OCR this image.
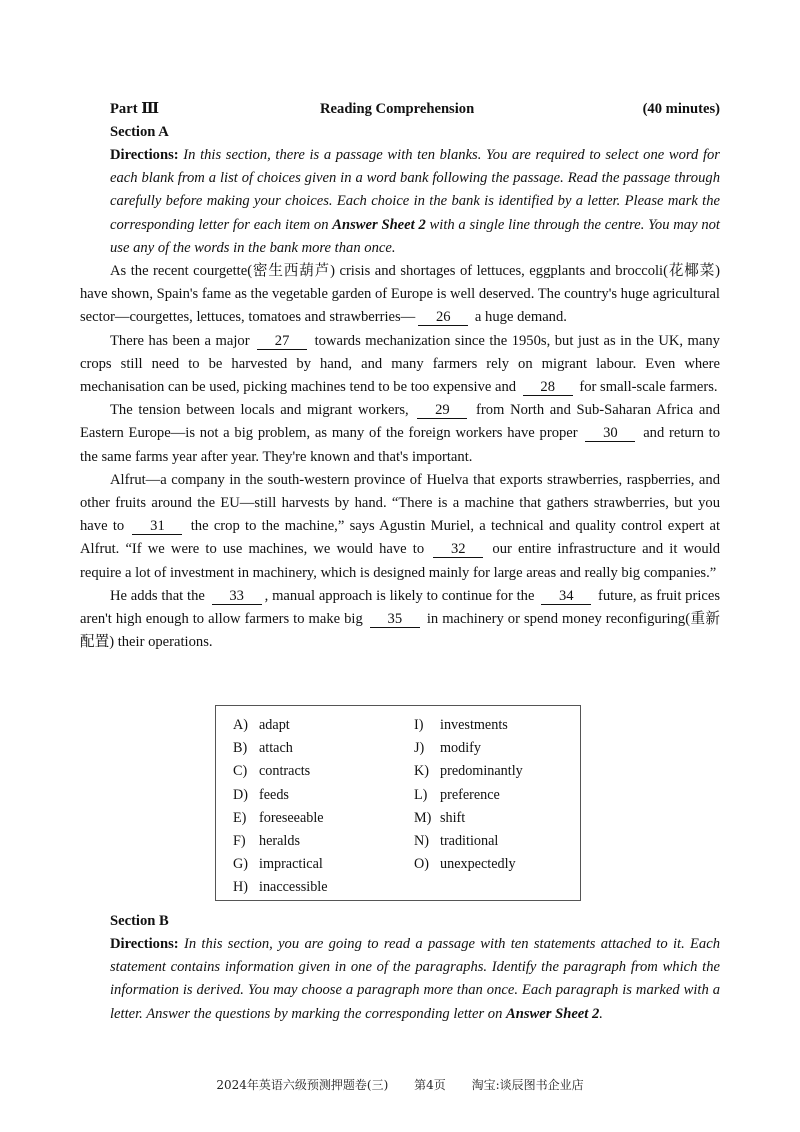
Part Ⅲ	Reading Comprehension	(40 minutes)
Section A
Directions: In this section, there is a passage with ten blanks. You are required to select one word for each blank from a list of choices given in a word bank following the passage. Read the passage through carefully before making your choices. Each choice in the bank is identified by a letter. Please mark the corresponding letter for each item on Answer Sheet 2 with a single line through the centre. You may not use any of the words in the bank more than once.

As the recent courgette(密生西葫芦) crisis and shortages of lettuces, eggplants and broccoli(花椰菜) have shown, Spain's fame as the vegetable garden of Europe is well deserved. The country's huge agricultural sector—courgettes, lettuces, tomatoes and strawberries— 26 a huge demand.

There has been a major 27 towards mechanization since the 1950s, but just as in the UK, many crops still need to be harvested by hand, and many farmers rely on migrant labour. Even where mechanisation can be used, picking machines tend to be too expensive and 28 for small-scale farmers.

The tension between locals and migrant workers, 29 from North and Sub-Saharan Africa and Eastern Europe—is not a big problem, as many of the foreign workers have proper 30 and return to the same farms year after year. They're known and that's important.

Alfrut—a company in the south-western province of Huelva that exports strawberries, raspberries, and other fruits around the EU—still harvests by hand. “There is a machine that gathers strawberries, but you have to 31 the crop to the machine,” says Agustin Muriel, a technical and quality control expert at Alfrut. “If we were to use machines, we would have to 32 our entire infrastructure and it would require a lot of investment in machinery, which is designed mainly for large areas and really big companies.”

He adds that the 33 , manual approach is likely to continue for the 34 future, as fruit prices aren't high enough to allow farmers to make big 35 in machinery or spend money reconfiguring(重新配置) their operations.

A) adapt
B) attach
C) contracts
D) feeds
E) foreseeable
F) heralds
G) impractical
H) inaccessible
I) investments
J) modify
K) predominantly
L) preference
M) shift
N) traditional
O) unexpectedly
Section B
Directions: In this section, you are going to read a passage with ten statements attached to it. Each statement contains information given in one of the paragraphs. Identify the paragraph from which the information is derived. You may choose a paragraph more than once. Each paragraph is marked with a letter. Answer the questions by marking the corresponding letter on Answer Sheet 2.
2024年英语六级预测押题卷(三) 第4页 淘宝:谈辰图书企业店
